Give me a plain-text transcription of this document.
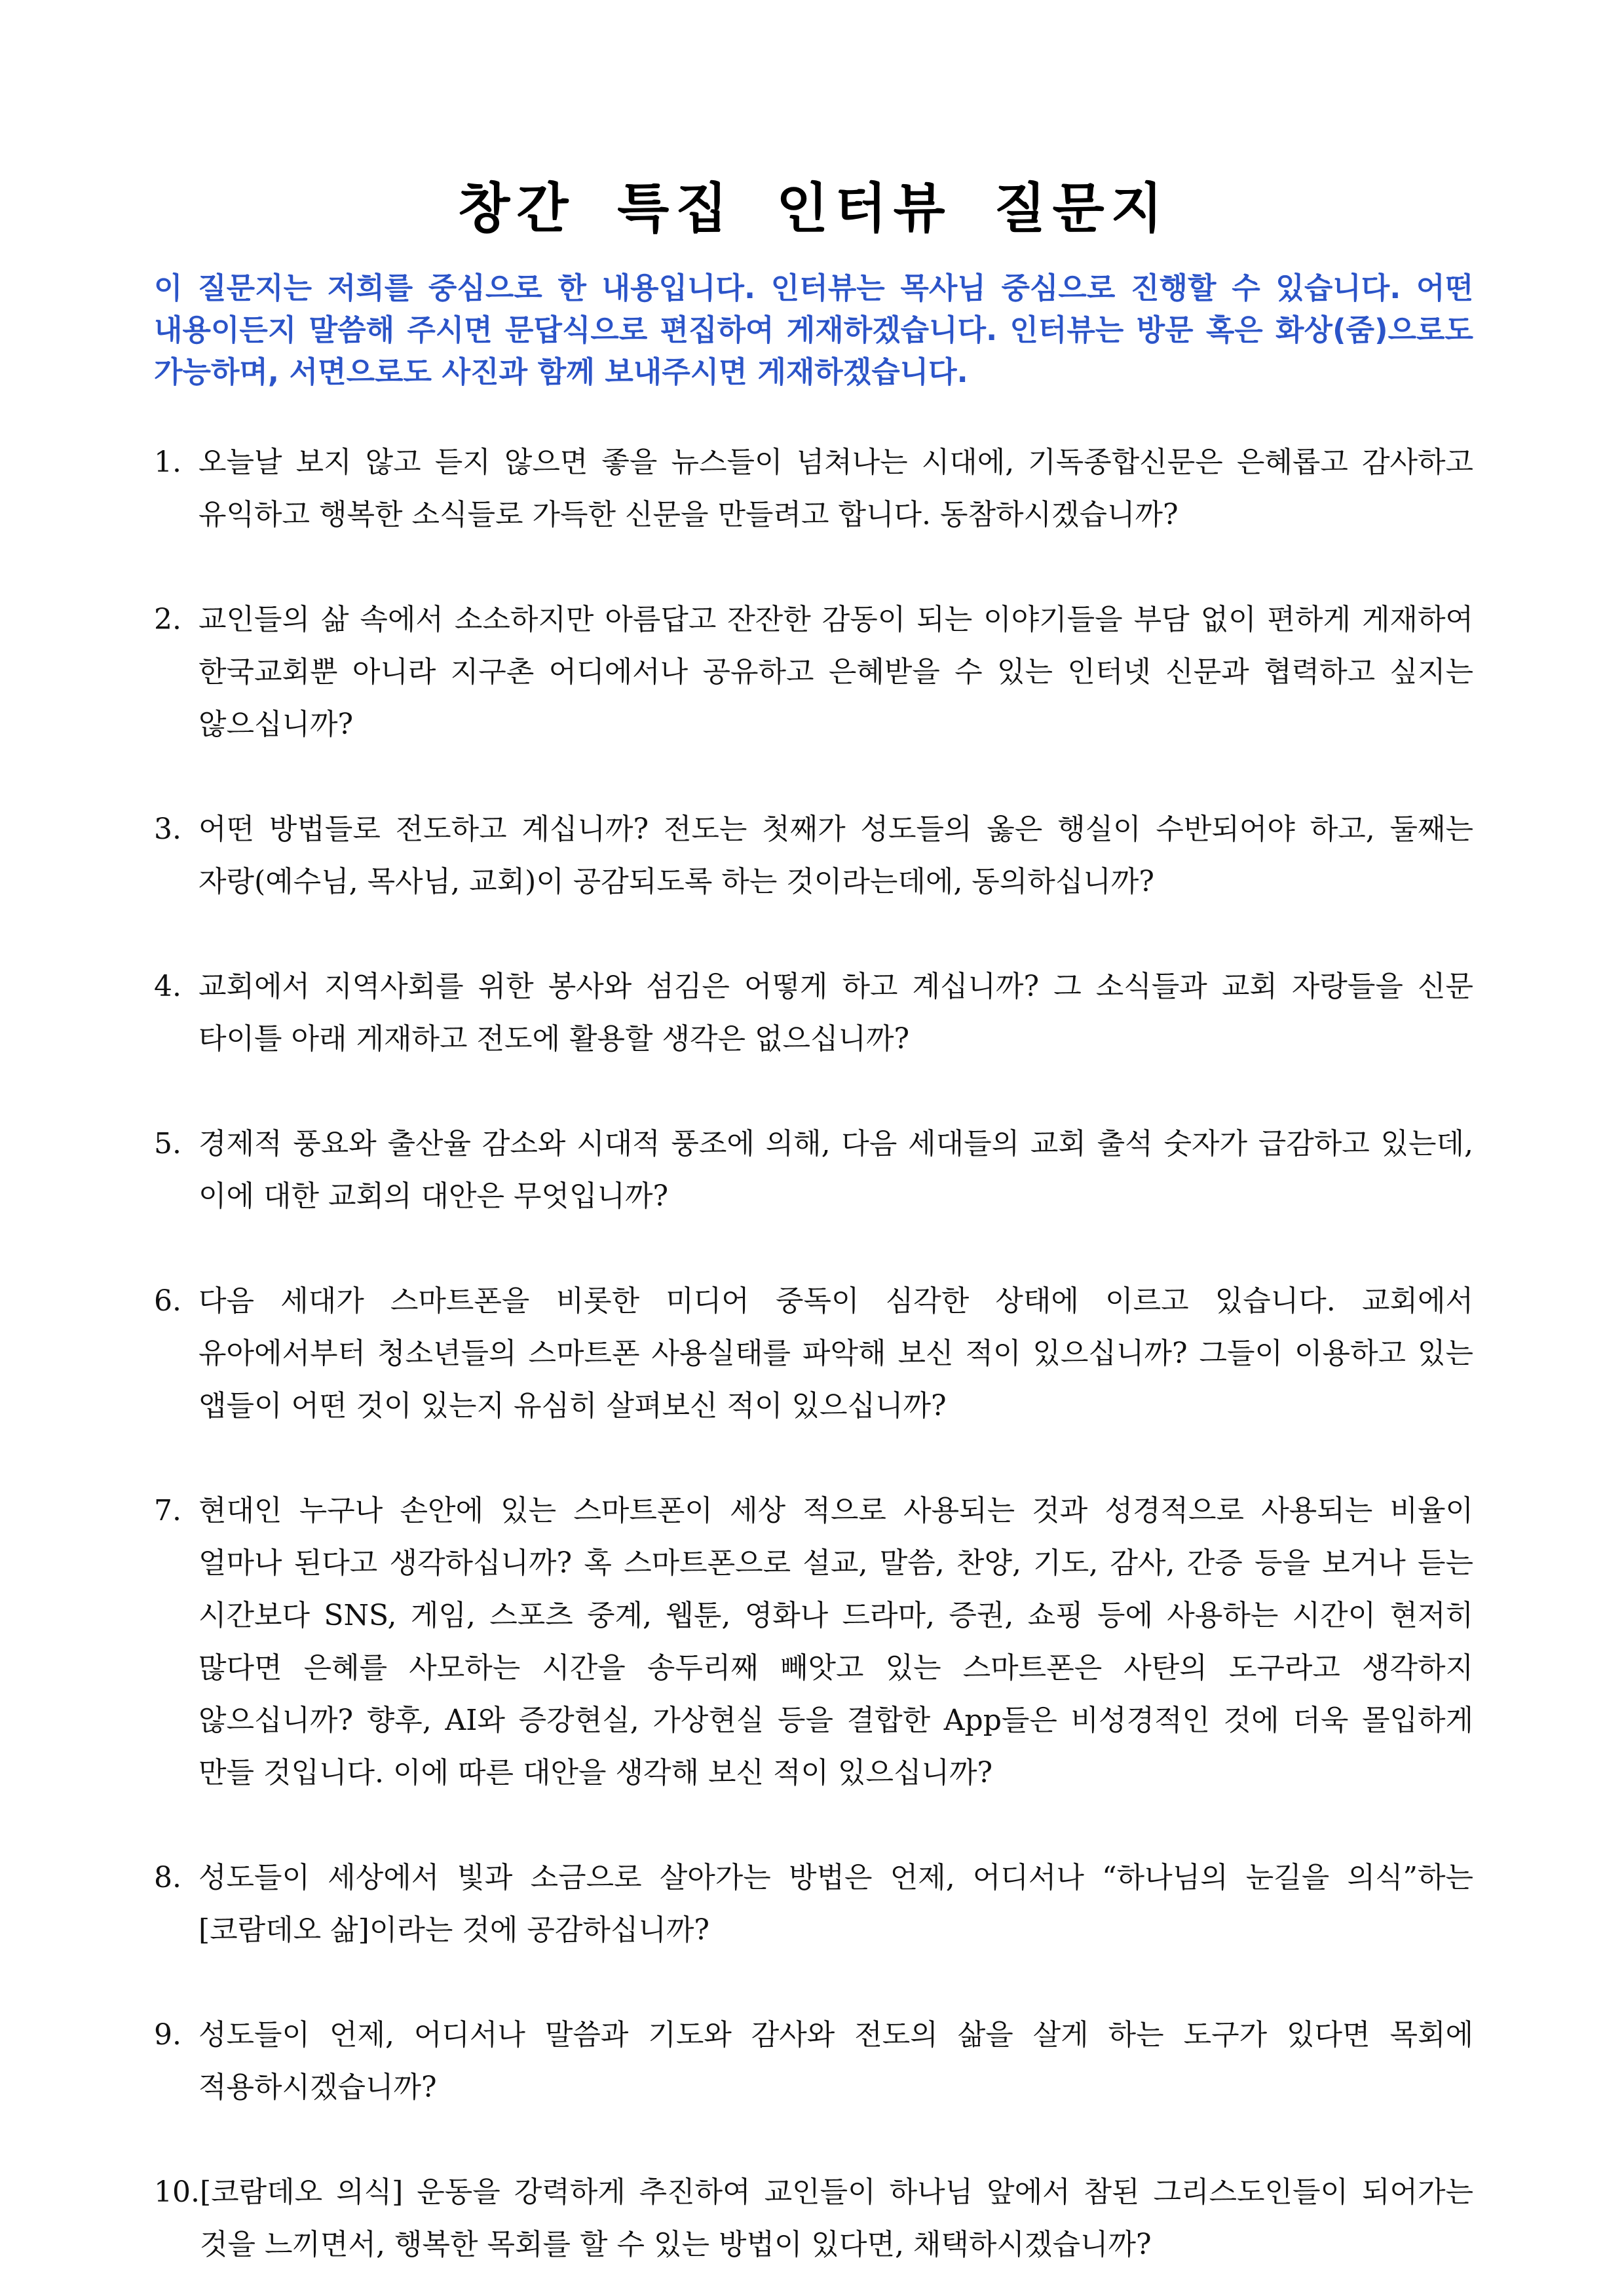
창간 특집 인터뷰 질문지

이 질문지는 저희를 중심으로 한 내용입니다. 인터뷰는 목사님 중심으로 진행할 수 있습니다. 어떤 내용이든지 말씀해 주시면 문답식으로 편집하여 게재하겠습니다. 인터뷰는 방문 혹은 화상(줌)으로도 가능하며, 서면으로도 사진과 함께 보내주시면 게재하겠습니다.

1. 오늘날 보지 않고 듣지 않으면 좋을 뉴스들이 넘쳐나는 시대에, 기독종합신문은 은혜롭고 감사하고 유익하고 행복한 소식들로 가득한 신문을 만들려고 합니다. 동참하시겠습니까?
2. 교인들의 삶 속에서 소소하지만 아름답고 잔잔한 감동이 되는 이야기들을 부담 없이 편하게 게재하여 한국교회뿐 아니라 지구촌 어디에서나 공유하고 은혜받을 수 있는 인터넷 신문과 협력하고 싶지는 않으십니까?
3. 어떤 방법들로 전도하고 계십니까? 전도는 첫째가 성도들의 옳은 행실이 수반되어야 하고, 둘째는 자랑(예수님, 목사님, 교회)이 공감되도록 하는 것이라는데에, 동의하십니까?
4. 교회에서 지역사회를 위한 봉사와 섬김은 어떻게 하고 계십니까? 그 소식들과 교회 자랑들을 신문 타이틀 아래 게재하고 전도에 활용할 생각은 없으십니까?
5. 경제적 풍요와 출산율 감소와 시대적 풍조에 의해, 다음 세대들의 교회 출석 숫자가 급감하고 있는데, 이에 대한 교회의 대안은 무엇입니까?
6. 다음 세대가 스마트폰을 비롯한 미디어 중독이 심각한 상태에 이르고 있습니다. 교회에서 유아에서부터 청소년들의 스마트폰 사용실태를 파악해 보신 적이 있으십니까? 그들이 이용하고 있는 앱들이 어떤 것이 있는지 유심히 살펴보신 적이 있으십니까?
7. 현대인 누구나 손안에 있는 스마트폰이 세상 적으로 사용되는 것과 성경적으로 사용되는 비율이 얼마나 된다고 생각하십니까? 혹 스마트폰으로 설교, 말씀, 찬양, 기도, 감사, 간증 등을 보거나 듣는 시간보다 SNS, 게임, 스포츠 중계, 웹툰, 영화나 드라마, 증권, 쇼핑 등에 사용하는 시간이 현저히 많다면 은혜를 사모하는 시간을 송두리째 빼앗고 있는 스마트폰은 사탄의 도구라고 생각하지 않으십니까? 향후, AI와 증강현실, 가상현실 등을 결합한 App들은 비성경적인 것에 더욱 몰입하게 만들 것입니다. 이에 따른 대안을 생각해 보신 적이 있으십니까?
8. 성도들이 세상에서 빛과 소금으로 살아가는 방법은 언제, 어디서나 “하나님의 눈길을 의식”하는 [코람데오 삶]이라는 것에 공감하십니까?
9. 성도들이 언제, 어디서나 말씀과 기도와 감사와 전도의 삶을 살게 하는 도구가 있다면 목회에 적용하시겠습니까?
10. [코람데오 의식] 운동을 강력하게 추진하여 교인들이 하나님 앞에서 참된 그리스도인들이 되어가는 것을 느끼면서, 행복한 목회를 할 수 있는 방법이 있다면, 채택하시겠습니까?
